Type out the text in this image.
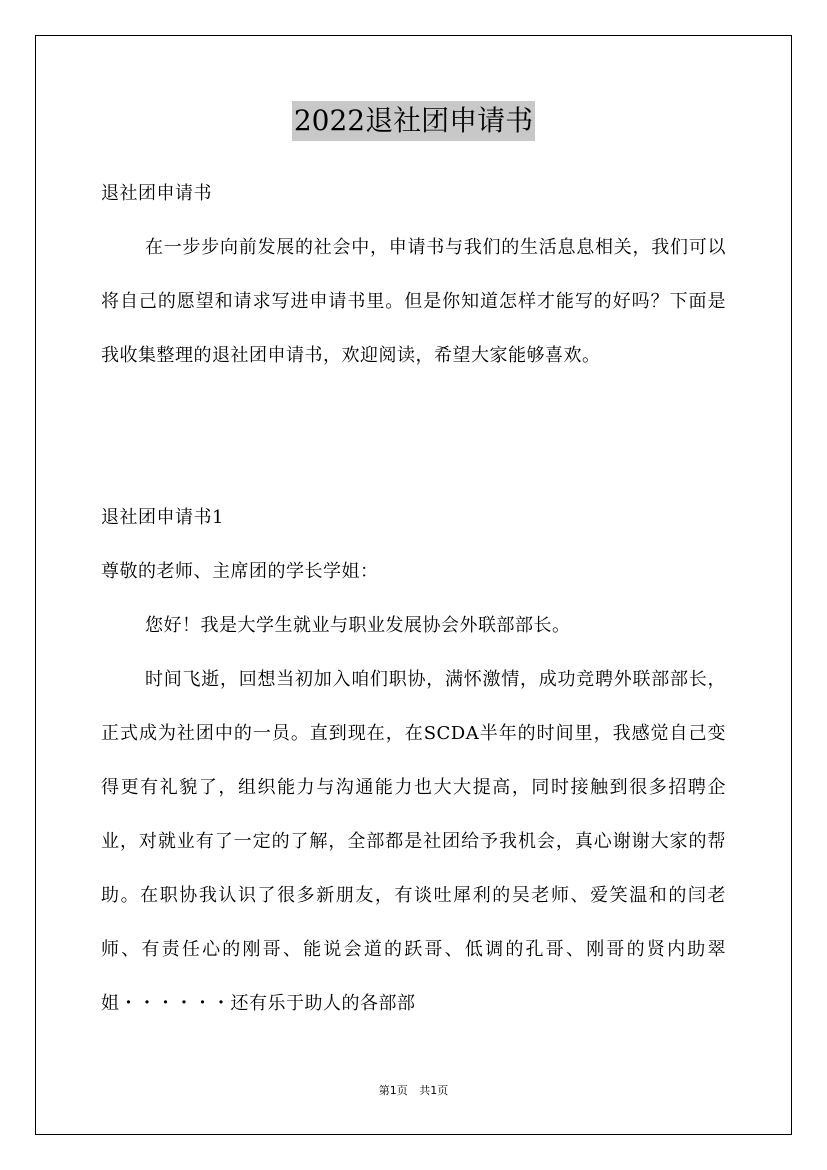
2022退社团申请书

退社团申请书

在一步步向前发展的社会中，申请书与我们的生活息息相关，我们可以将自己的愿望和请求写进申请书里。但是你知道怎样才能写的好吗？下面是我收集整理的退社团申请书，欢迎阅读，希望大家能够喜欢。

退社团申请书1

尊敬的老师、主席团的学长学姐：

您好！我是大学生就业与职业发展协会外联部部长。

时间飞逝，回想当初加入咱们职协，满怀激情，成功竞聘外联部部长，正式成为社团中的一员。直到现在，在SCDA半年的时间里，我感觉自己变得更有礼貌了，组织能力与沟通能力也大大提高，同时接触到很多招聘企业，对就业有了一定的了解，全部都是社团给予我机会，真心谢谢大家的帮助。在职协我认识了很多新朋友，有谈吐犀利的吴老师、爱笑温和的闫老师、有责任心的刚哥、能说会道的跃哥、低调的孔哥、刚哥的贤内助翠姐・・・・・・还有乐于助人的各部部

第1页 共1页
